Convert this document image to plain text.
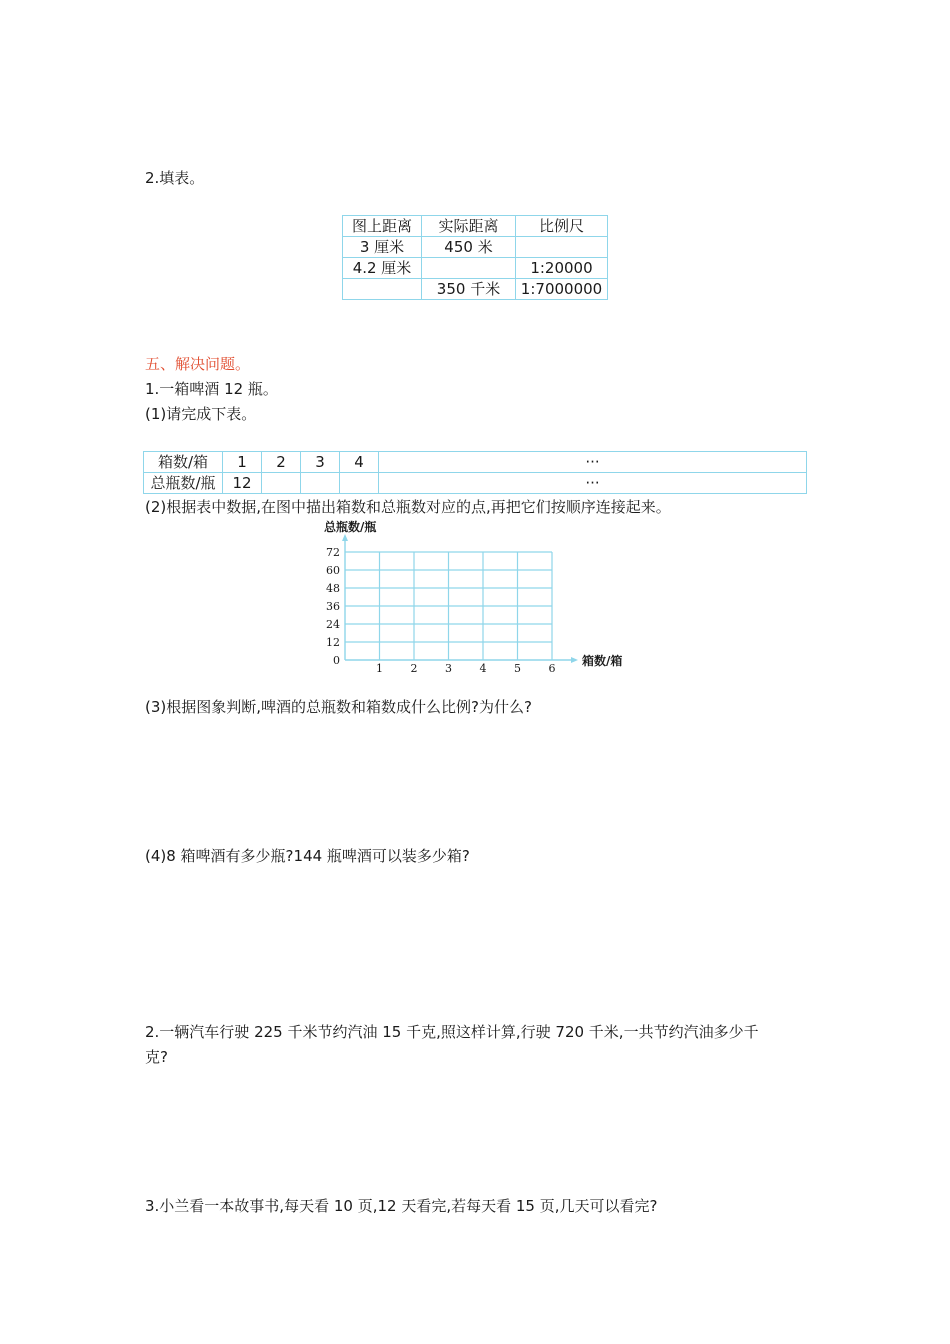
2.填表。
图上距离	实际距离	比例尺
3 厘米	450 米	
4.2 厘米		1:20000
	350 千米	1:7000000
五、解决问题。
1.一箱啤酒 12 瓶。
(1)请完成下表。
箱数/箱	1	2	3	4	···
总瓶数/瓶	12				···
(2)根据表中数据,在图中描出箱数和总瓶数对应的点,再把它们按顺序连接起来。
1	2	3	4	5	6
0
12
24
36
48
60
72
总瓶数/瓶
箱数/箱
(3)根据图象判断,啤酒的总瓶数和箱数成什么比例?为什么?
(4)8 箱啤酒有多少瓶?144 瓶啤酒可以装多少箱?
2.一辆汽车行驶 225 千米节约汽油 15 千克,照这样计算,行驶 720 千米,一共节约汽油多少千
克?
3.小兰看一本故事书,每天看 10 页,12 天看完,若每天看 15 页,几天可以看完?
